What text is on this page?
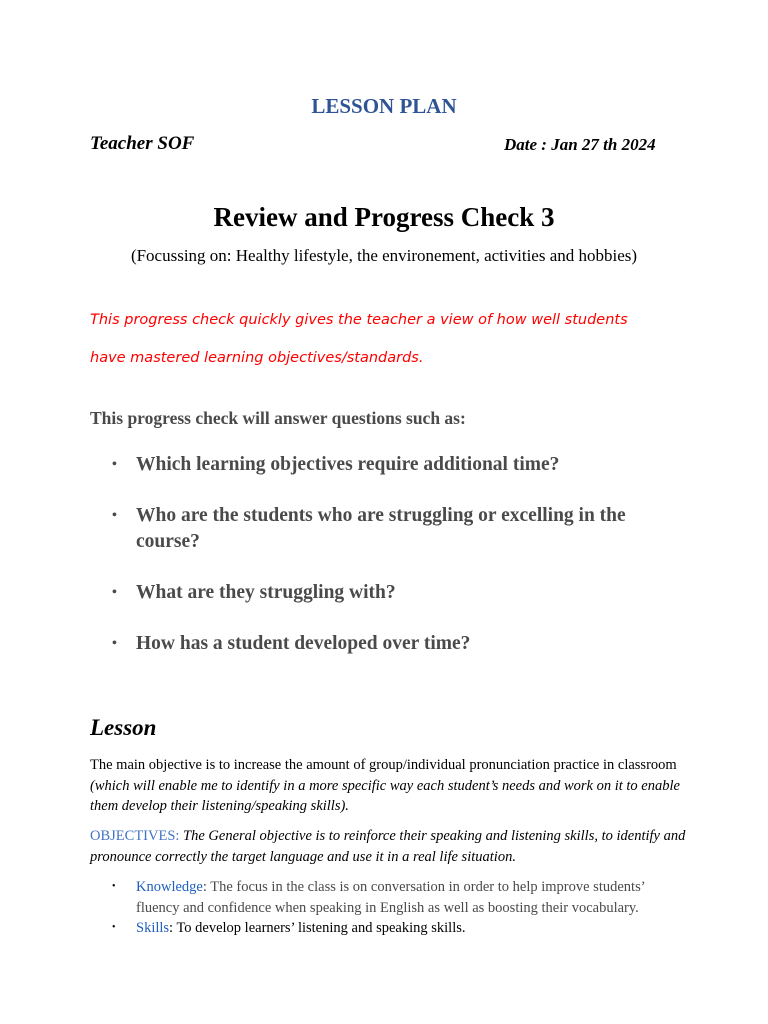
LESSON PLAN
Teacher SOF	Date : Jan 27 th 2024
Review and Progress Check 3
(Focussing on: Healthy lifestyle, the environement, activities and hobbies)
This progress check quickly gives the teacher a view of how well students
have mastered learning objectives/standards.
This progress check will answer questions such as:
• Which learning objectives require additional time?
• Who are the students who are struggling or excelling in the course?
• What are they struggling with?
• How has a student developed over time?
Lesson
The main objective is to increase the amount of group/individual pronunciation practice in classroom (which will enable me to identify in a more specific way each student’s needs and work on it to enable them develop their listening/speaking skills).
OBJECTIVES: The General objective is to reinforce their speaking and listening skills, to identify and pronounce correctly the target language and use it in a real life situation.
• Knowledge: The focus in the class is on conversation in order to help improve students’ fluency and confidence when speaking in English as well as boosting their vocabulary.
• Skills: To develop learners’ listening and speaking skills.
